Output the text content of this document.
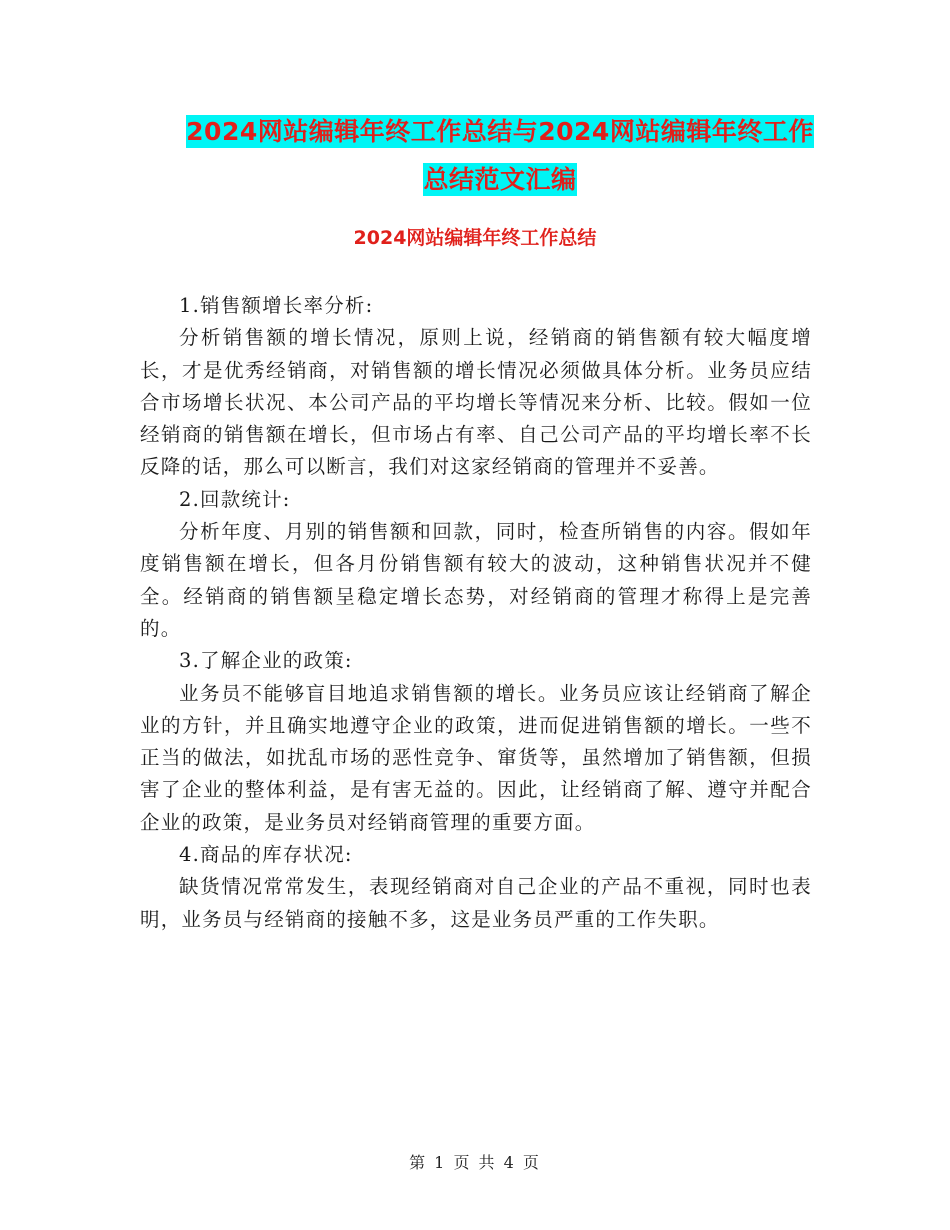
2024网站编辑年终工作总结与2024网站编辑年终工作
总结范文汇编
2024网站编辑年终工作总结

1.销售额增长率分析:

分析销售额的增长情况，原则上说，经销商的销售额有较大幅度增长，才是优秀经销商，对销售额的增长情况必须做具体分析。业务员应结合市场增长状况、本公司产品的平均增长等情况来分析、比较。假如一位经销商的销售额在增长，但市场占有率、自己公司产品的平均增长率不长反降的话，那么可以断言，我们对这家经销商的管理并不妥善。

2.回款统计:

分析年度、月别的销售额和回款，同时，检查所销售的内容。假如年度销售额在增长，但各月份销售额有较大的波动，这种销售状况并不健全。经销商的销售额呈稳定增长态势，对经销商的管理才称得上是完善的。

3.了解企业的政策:

业务员不能够盲目地追求销售额的增长。业务员应该让经销商了解企业的方针，并且确实地遵守企业的政策，进而促进销售额的增长。一些不正当的做法，如扰乱市场的恶性竞争、窜货等，虽然增加了销售额，但损害了企业的整体利益，是有害无益的。因此，让经销商了解、遵守并配合企业的政策，是业务员对经销商管理的重要方面。

4.商品的库存状况:

缺货情况常常发生，表现经销商对自己企业的产品不重视，同时也表明，业务员与经销商的接触不多，这是业务员严重的工作失职。

第 1 页 共 4 页
